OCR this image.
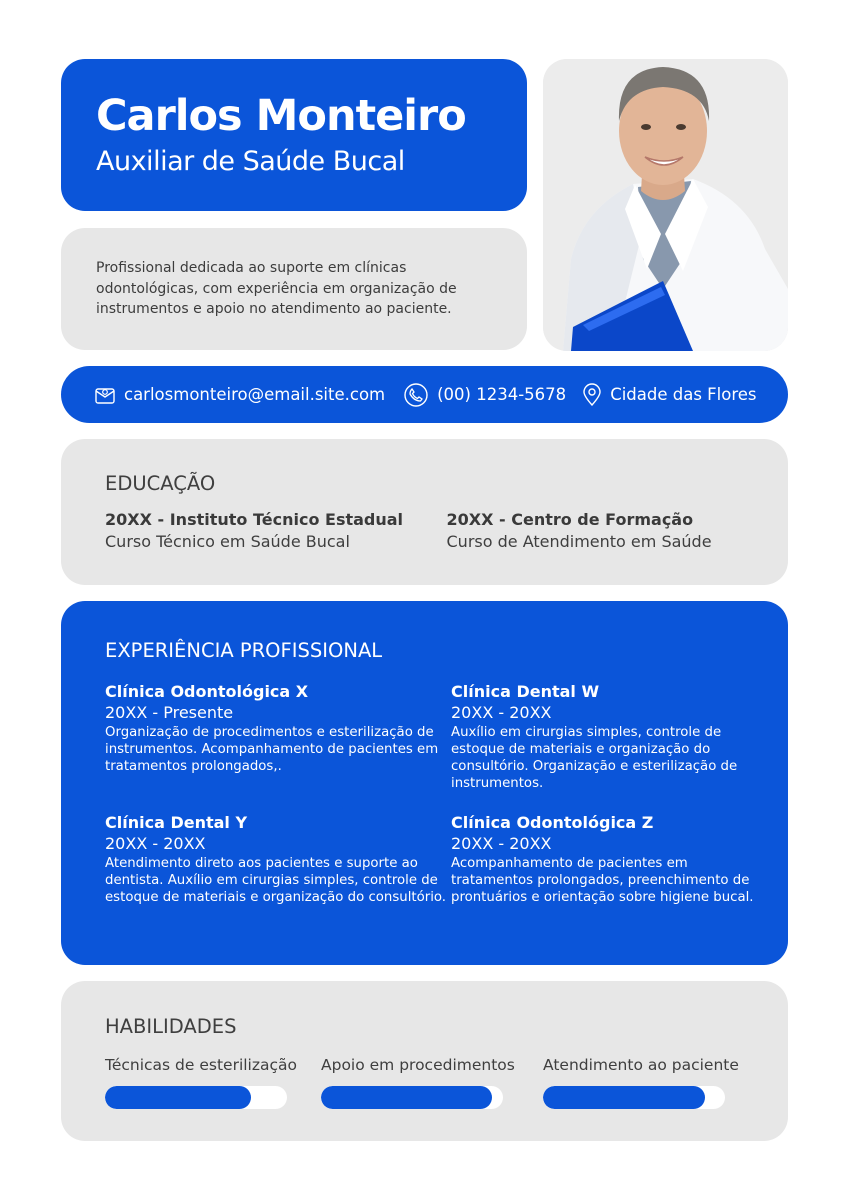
Carlos Monteiro
Auxiliar de Saúde Bucal

Profissional dedicada ao suporte em clínicas odontológicas, com experiência em organização de instrumentos e apoio no atendimento ao paciente.

carlosmonteiro@email.site.com	(00) 1234-5678	Cidade das Flores
EDUCAÇÃO
20XX - Instituto Técnico Estadual
Curso Técnico em Saúde Bucal
20XX - Centro de Formação
Curso de Atendimento em Saúde
EXPERIÊNCIA PROFISSIONAL
Clínica Odontológica X
20XX - Presente
Organização de procedimentos e esterilização de instrumentos. Acompanhamento de pacientes em tratamentos prolongados,.
Clínica Dental W
20XX - 20XX
Auxílio em cirurgias simples, controle de estoque de materiais e organização do consultório. Organização e esterilização de instrumentos.
Clínica Dental Y
20XX - 20XX
Atendimento direto aos pacientes e suporte ao dentista. Auxílio em cirurgias simples, controle de estoque de materiais e organização do consultório.
Clínica Odontológica Z
20XX - 20XX
Acompanhamento de pacientes em tratamentos prolongados, preenchimento de prontuários e orientação sobre higiene bucal.
HABILIDADES
Técnicas de esterilização Apoio em procedimentos Atendimento ao paciente
